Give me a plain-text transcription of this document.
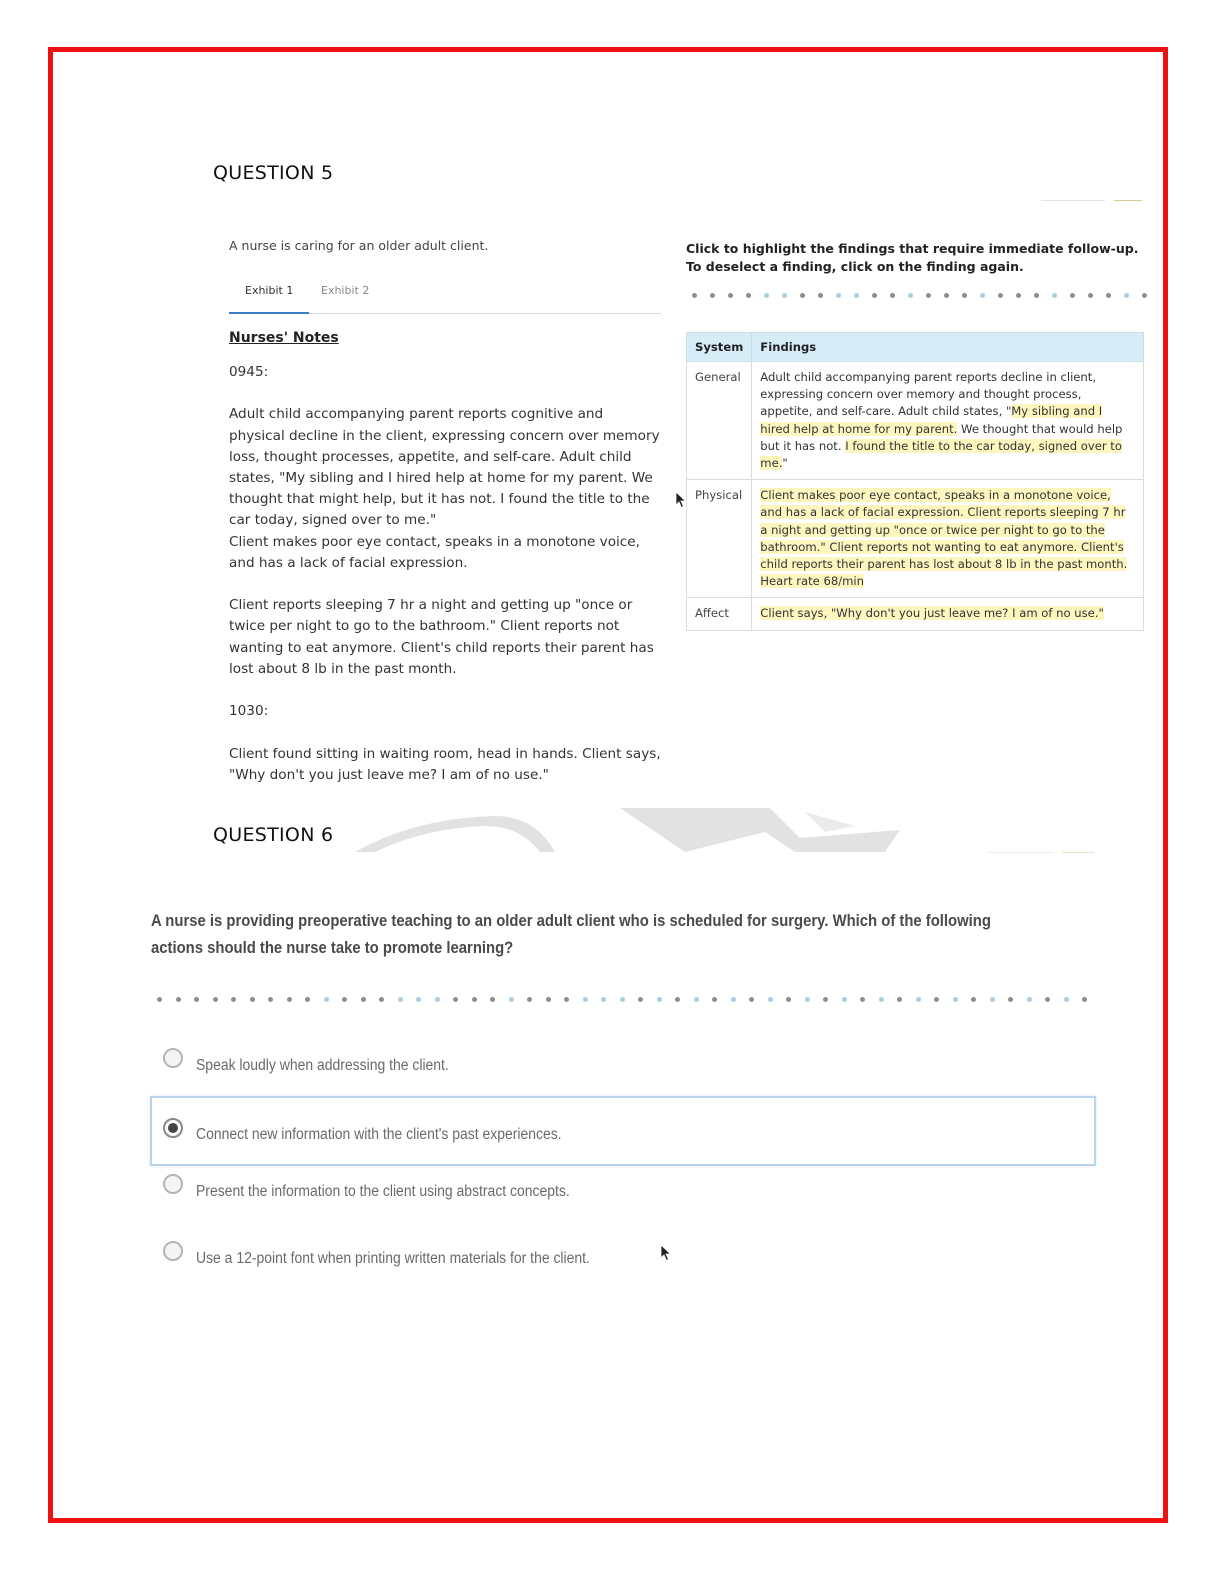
QUESTION 5

A nurse is caring for an older adult client.

Exhibit 1	Exhibit 2
Nurses' Notes

0945:

Adult child accompanying parent reports cognitive and physical decline in the client, expressing concern over memory loss, thought processes, appetite, and self-care. Adult child states, "My sibling and I hired help at home for my parent. We thought that might help, but it has not. I found the title to the car today, signed over to me."

Client makes poor eye contact, speaks in a monotone voice, and has a lack of facial expression.

Client reports sleeping 7 hr a night and getting up "once or twice per night to go to the bathroom." Client reports not wanting to eat anymore. Client's child reports their parent has lost about 8 lb in the past month.

1030:

Client found sitting in waiting room, head in hands. Client says, "Why don't you just leave me? I am of no use."

Click to highlight the findings that require immediate follow-up. To deselect a finding, click on the finding again.
System	Findings
General	Adult child accompanying parent reports decline in client, expressing concern over memory and thought process, appetite, and self-care. Adult child states, "My sibling and I hired help at home for my parent. We thought that would help but it has not. I found the title to the car today, signed over to me."
Physical	Client makes poor eye contact, speaks in a monotone voice, and has a lack of facial expression. Client reports sleeping 7 hr a night and getting up "once or twice per night to go to the bathroom." Client reports not wanting to eat anymore. Client's child reports their parent has lost about 8 lb in the past month. Heart rate 68/min
Affect	Client says, "Why don't you just leave me? I am of no use."
QUESTION 6
A nurse is providing preoperative teaching to an older adult client who is scheduled for surgery. Which of the following actions should the nurse take to promote learning?
Speak loudly when addressing the client.
Connect new information with the client's past experiences.
Present the information to the client using abstract concepts.
Use a 12-point font when printing written materials for the client.
